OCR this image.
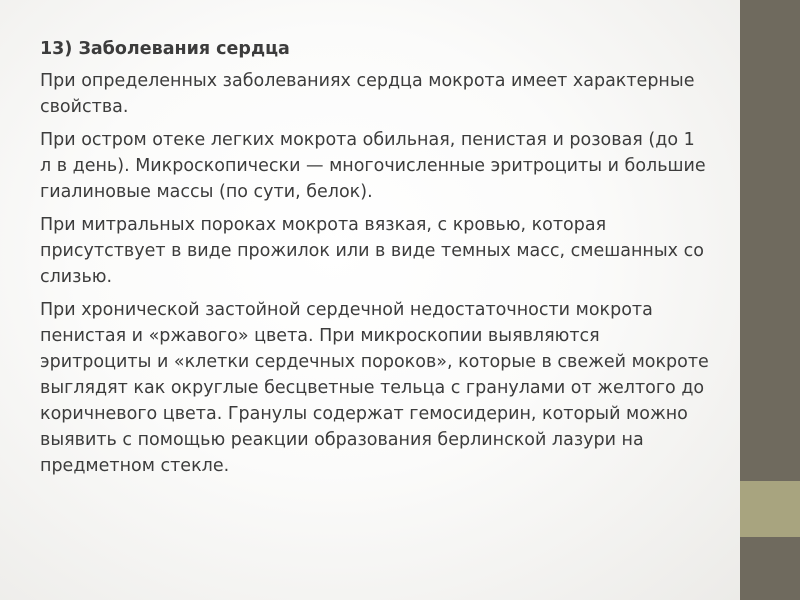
13) Заболевания сердца
При определенных заболеваниях сердца мокрота имеет характерные свойства.
При остром отеке легких мокрота обильная, пенистая и розовая (до 1 л в день). Микроскопически — многочисленные эритроциты и большие гиалиновые массы (по сути, белок).
При митральных пороках мокрота вязкая, с кровью, которая присутствует в виде прожилок или в виде темных масс, смешанных со слизью.
При хронической застойной сердечной недостаточности мокрота пенистая и «ржавого» цвета. При микроскопии выявляются эритроциты и «клетки сердечных пороков», которые в свежей мокроте выглядят как округлые бесцветные тельца с гранулами от желтого до коричневого цвета. Гранулы содержат гемосидерин, который можно выявить с помощью реакции образования берлинской лазури на предметном стекле.
